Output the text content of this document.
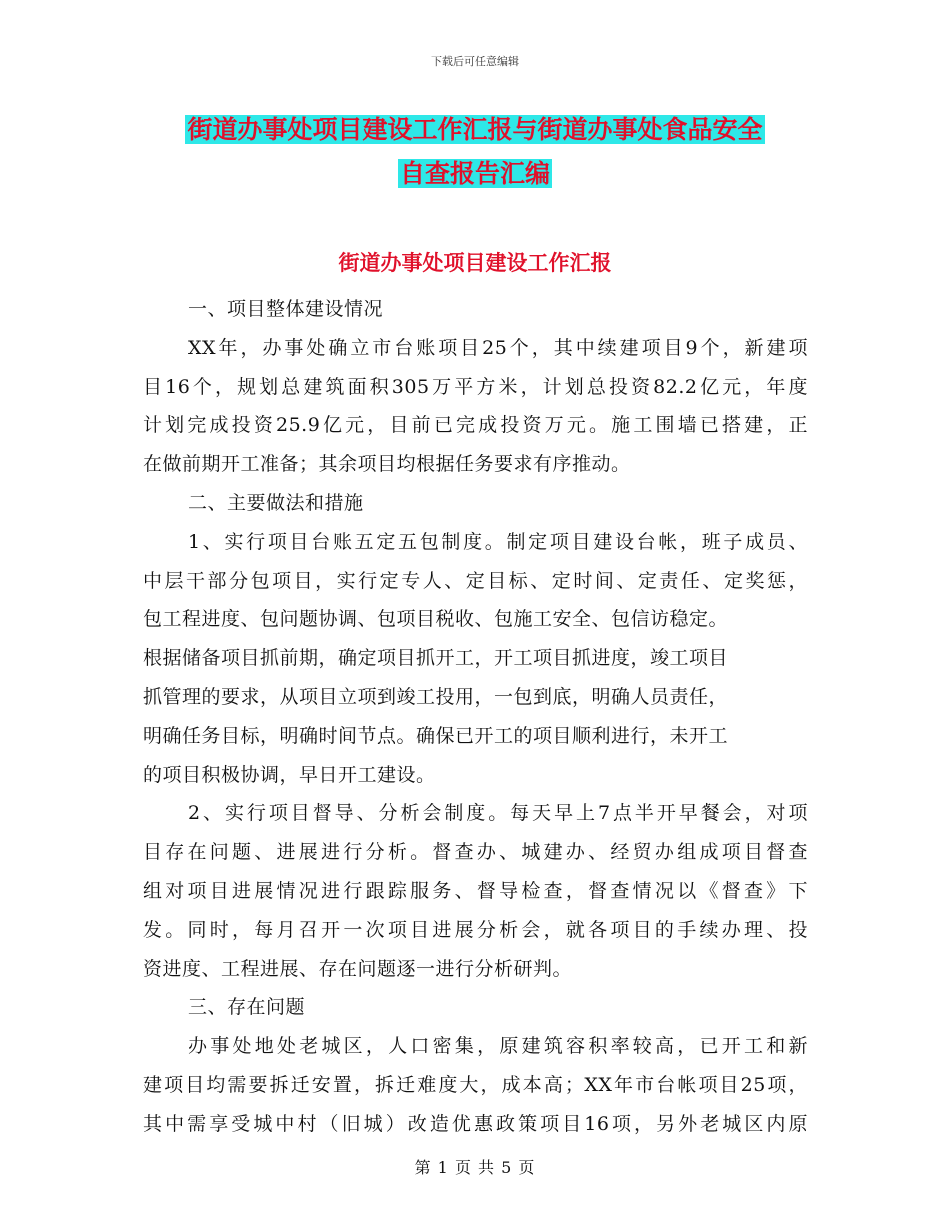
下载后可任意编辑
街道办事处项目建设工作汇报与街道办事处食品安全
自查报告汇编
街道办事处项目建设工作汇报
一、项目整体建设情况
XX年，办事处确立市台账项目25个，其中续建项目9个，新建项
目16个，规划总建筑面积305万平方米，计划总投资82.2亿元，年度
计划完成投资25.9亿元，目前已完成投资万元。施工围墙已搭建，正
在做前期开工准备；其余项目均根据任务要求有序推动。
二、主要做法和措施
1、实行项目台账五定五包制度。制定项目建设台帐，班子成员、
中层干部分包项目，实行定专人、定目标、定时间、定责任、定奖惩，
包工程进度、包问题协调、包项目税收、包施工安全、包信访稳定。
根据储备项目抓前期，确定项目抓开工，开工项目抓进度，竣工项目
抓管理的要求，从项目立项到竣工投用，一包到底，明确人员责任，
明确任务目标，明确时间节点。确保已开工的项目顺利进行，未开工
的项目积极协调，早日开工建设。
2、实行项目督导、分析会制度。每天早上7点半开早餐会，对项
目存在问题、进展进行分析。督查办、城建办、经贸办组成项目督查
组对项目进展情况进行跟踪服务、督导检查，督查情况以《督查》下
发。同时，每月召开一次项目进展分析会，就各项目的手续办理、投
资进度、工程进展、存在问题逐一进行分析研判。
三、存在问题
办事处地处老城区，人口密集，原建筑容积率较高，已开工和新
建项目均需要拆迁安置，拆迁难度大，成本高；XX年市台帐项目25项，
其中需享受城中村（旧城）改造优惠政策项目16项，另外老城区内原
第 1 页 共 5 页
